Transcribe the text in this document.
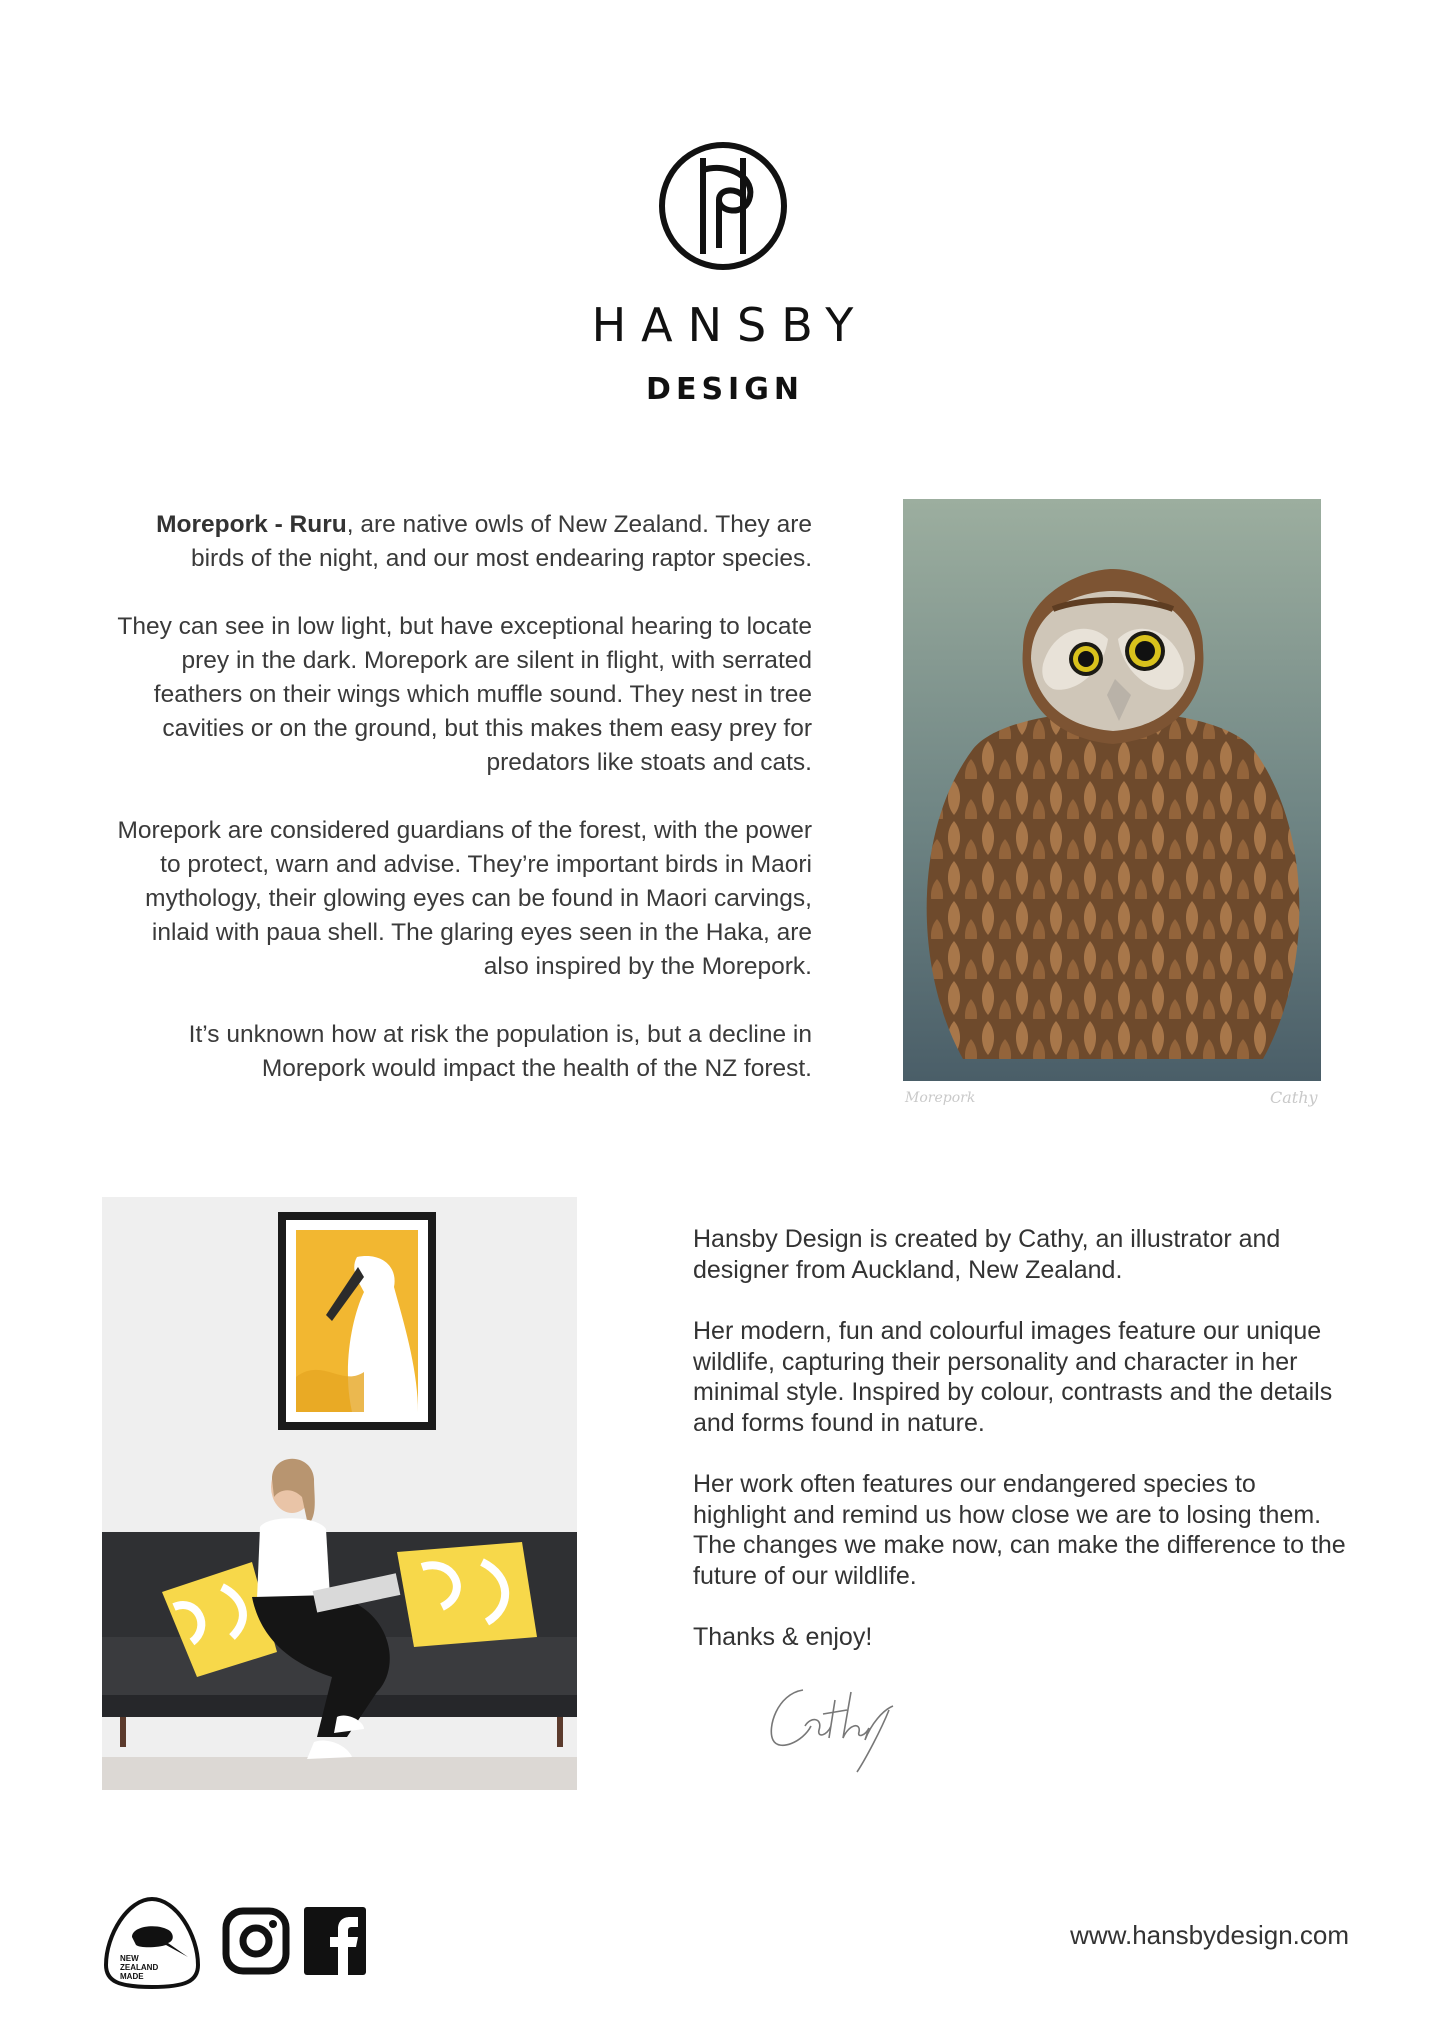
HP
HANSBY
DESIGN

Morepork - Ruru, are native owls of New Zealand. They are birds of the night, and our most endearing raptor species.

They can see in low light, but have exceptional hearing to locate prey in the dark. Morepork are silent in flight, with serrated feathers on their wings which muffle sound. They nest in tree cavities or on the ground, but this makes them easy prey for predators like stoats and cats.

Morepork are considered guardians of the forest, with the power to protect, warn and advise. They’re important birds in Maori mythology, their glowing eyes can be found in Maori carvings, inlaid with paua shell. The glaring eyes seen in the Haka, are also inspired by the Morepork.

It’s unknown how at risk the population is, but a decline in Morepork would impact the health of the NZ forest.

Morepork	Cathy

Hansby Design is created by Cathy, an illustrator and designer from Auckland, New Zealand.

Her modern, fun and colourful images feature our unique wildlife, capturing their personality and character in her minimal style. Inspired by colour, contrasts and the details and forms found in nature.

Her work often features our endangered species to highlight and remind us how close we are to losing them. The changes we make now, can make the difference to the future of our wildlife.

Thanks & enjoy!

NEW
ZEALAND
MADE
www.hansbydesign.com
